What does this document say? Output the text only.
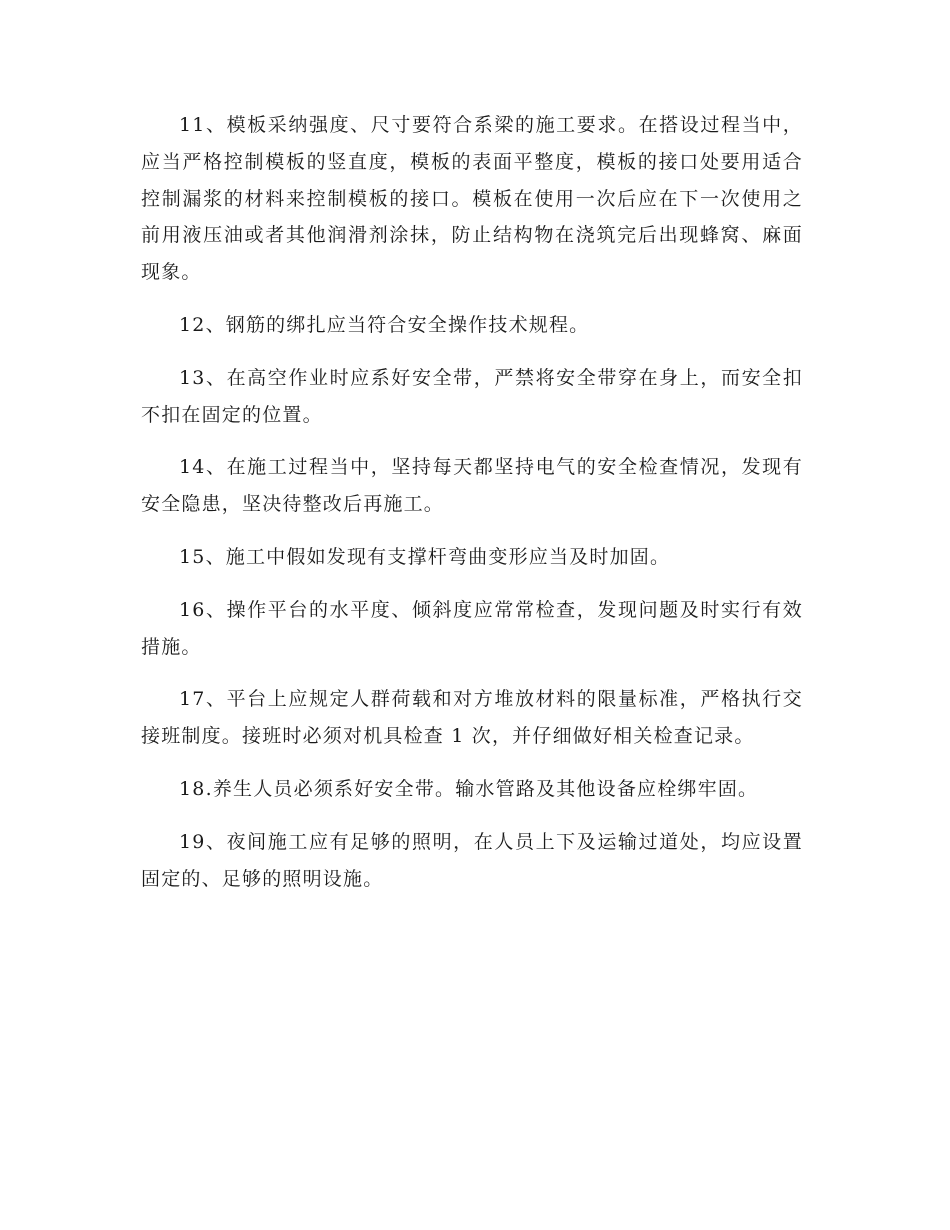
11、模板采纳强度、尺寸要符合系梁的施工要求。在搭设过程当中，应当严格控制模板的竖直度，模板的表面平整度，模板的接口处要用适合控制漏浆的材料来控制模板的接口。模板在使用一次后应在下一次使用之前用液压油或者其他润滑剂涂抹，防止结构物在浇筑完后出现蜂窝、麻面现象。

12、钢筋的绑扎应当符合安全操作技术规程。

13、在高空作业时应系好安全带，严禁将安全带穿在身上，而安全扣不扣在固定的位置。

14、在施工过程当中，坚持每天都坚持电气的安全检查情况，发现有安全隐患，坚决待整改后再施工。

15、施工中假如发现有支撑杆弯曲变形应当及时加固。

16、操作平台的水平度、倾斜度应常常检查，发现问题及时实行有效措施。

17、平台上应规定人群荷载和对方堆放材料的限量标准，严格执行交接班制度。接班时必须对机具检查 1 次，并仔细做好相关检查记录。

18.养生人员必须系好安全带。输水管路及其他设备应栓绑牢固。

19、夜间施工应有足够的照明，在人员上下及运输过道处，均应设置固定的、足够的照明设施。
